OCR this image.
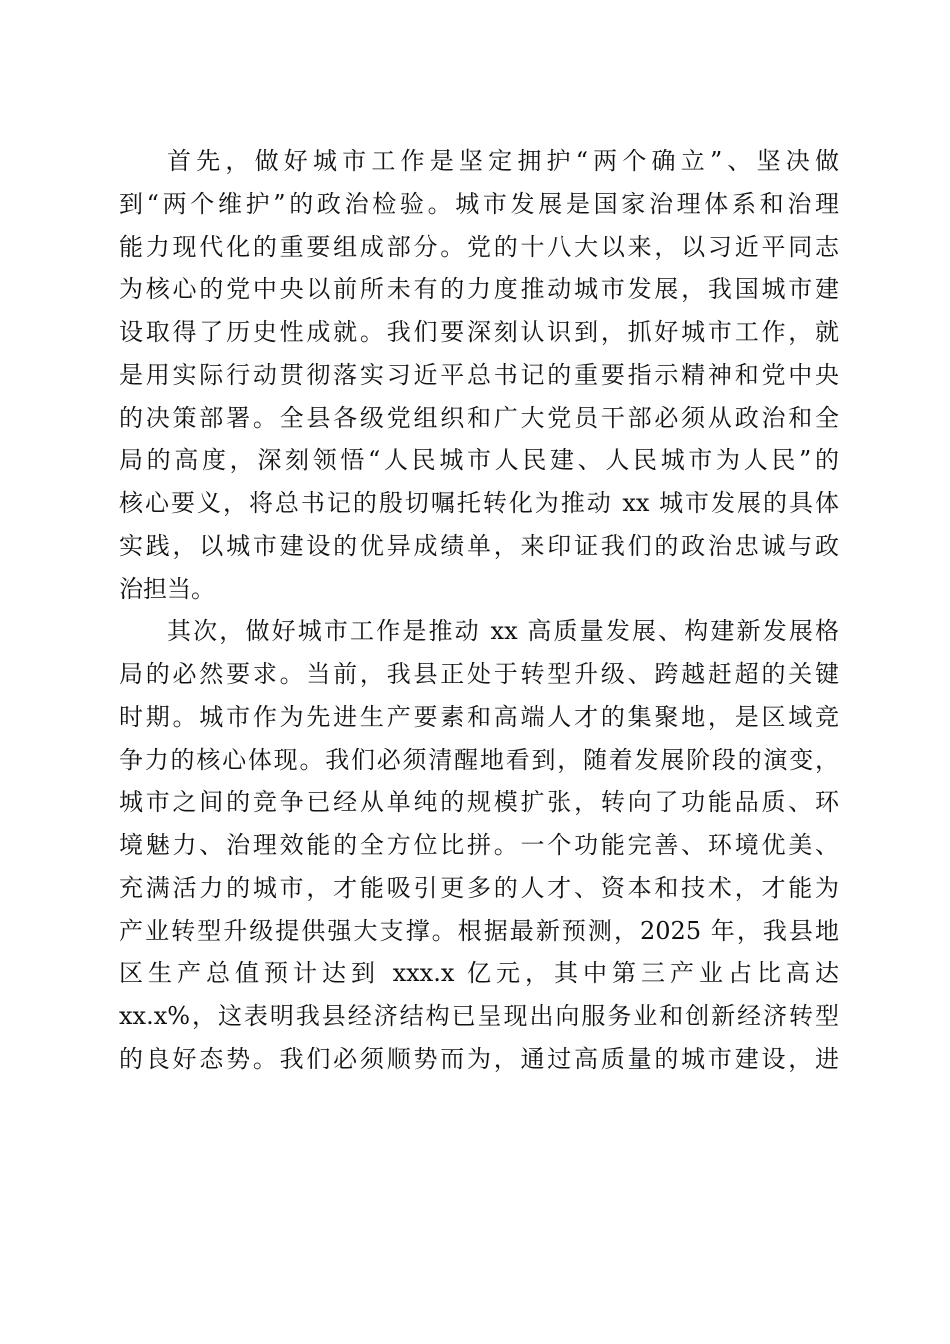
首先，做好城市工作是坚定拥护“两个确立”、坚决做
到“两个维护”的政治检验。城市发展是国家治理体系和治理
能力现代化的重要组成部分。党的十八大以来，以习近平同志
为核心的党中央以前所未有的力度推动城市发展，我国城市建
设取得了历史性成就。我们要深刻认识到，抓好城市工作，就
是用实际行动贯彻落实习近平总书记的重要指示精神和党中央
的决策部署。全县各级党组织和广大党员干部必须从政治和全
局的高度，深刻领悟“人民城市人民建、人民城市为人民”的
核心要义，将总书记的殷切嘱托转化为推动 xx 城市发展的具体
实践，以城市建设的优异成绩单，来印证我们的政治忠诚与政
治担当。
其次，做好城市工作是推动 xx 高质量发展、构建新发展格
局的必然要求。当前，我县正处于转型升级、跨越赶超的关键
时期。城市作为先进生产要素和高端人才的集聚地，是区域竞
争力的核心体现。我们必须清醒地看到，随着发展阶段的演变，
城市之间的竞争已经从单纯的规模扩张，转向了功能品质、环
境魅力、治理效能的全方位比拼。一个功能完善、环境优美、
充满活力的城市，才能吸引更多的人才、资本和技术，才能为
产业转型升级提供强大支撑。根据最新预测，2025 年，我县地
区生产总值预计达到 xxx.x 亿元，其中第三产业占比高达
xx.x%，这表明我县经济结构已呈现出向服务业和创新经济转型
的良好态势。我们必须顺势而为，通过高质量的城市建设，进
